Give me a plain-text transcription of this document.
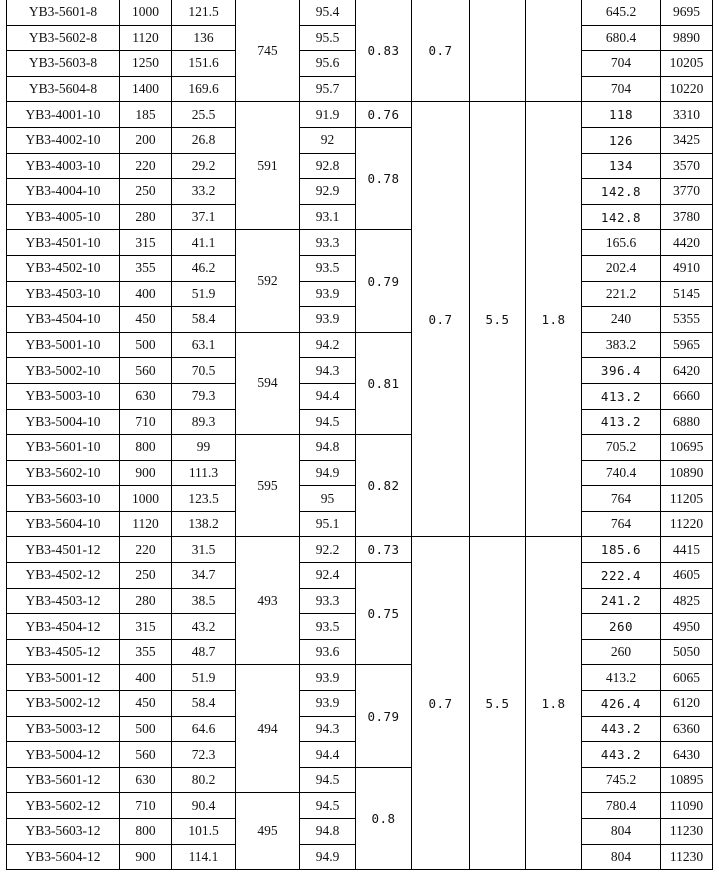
YB3-5601-8	1000	121.5	745	95.4	0.83	0.7			645.2	9695
YB3-5602-8	1120	136		95.5					680.4	9890
YB3-5603-8	1250	151.6		95.6					704	10205
YB3-5604-8	1400	169.6		95.7					704	10220
YB3-4001-10	185	25.5	591	91.9	0.76	0.7	5.5	1.8	118	3310
YB3-4002-10	200	26.8		92	0.78				126	3425
YB3-4003-10	220	29.2		92.8					134	3570
YB3-4004-10	250	33.2		92.9					142.8	3770
YB3-4005-10	280	37.1		93.1					142.8	3780
YB3-4501-10	315	41.1	592	93.3	0.79				165.6	4420
YB3-4502-10	355	46.2		93.5					202.4	4910
YB3-4503-10	400	51.9		93.9					221.2	5145
YB3-4504-10	450	58.4		93.9					240	5355
YB3-5001-10	500	63.1	594	94.2	0.81				383.2	5965
YB3-5002-10	560	70.5		94.3					396.4	6420
YB3-5003-10	630	79.3		94.4					413.2	6660
YB3-5004-10	710	89.3		94.5					413.2	6880
YB3-5601-10	800	99	595	94.8	0.82				705.2	10695
YB3-5602-10	900	111.3		94.9					740.4	10890
YB3-5603-10	1000	123.5		95					764	11205
YB3-5604-10	1120	138.2		95.1					764	11220
YB3-4501-12	220	31.5	493	92.2	0.73	0.7	5.5	1.8	185.6	4415
YB3-4502-12	250	34.7		92.4	0.75				222.4	4605
YB3-4503-12	280	38.5		93.3					241.2	4825
YB3-4504-12	315	43.2		93.5					260	4950
YB3-4505-12	355	48.7		93.6					260	5050
YB3-5001-12	400	51.9	494	93.9	0.79				413.2	6065
YB3-5002-12	450	58.4		93.9					426.4	6120
YB3-5003-12	500	64.6		94.3					443.2	6360
YB3-5004-12	560	72.3		94.4					443.2	6430
YB3-5601-12	630	80.2		94.5	0.8				745.2	10895
YB3-5602-12	710	90.4	495	94.5					780.4	11090
YB3-5603-12	800	101.5		94.8					804	11230
YB3-5604-12	900	114.1		94.9					804	11230
